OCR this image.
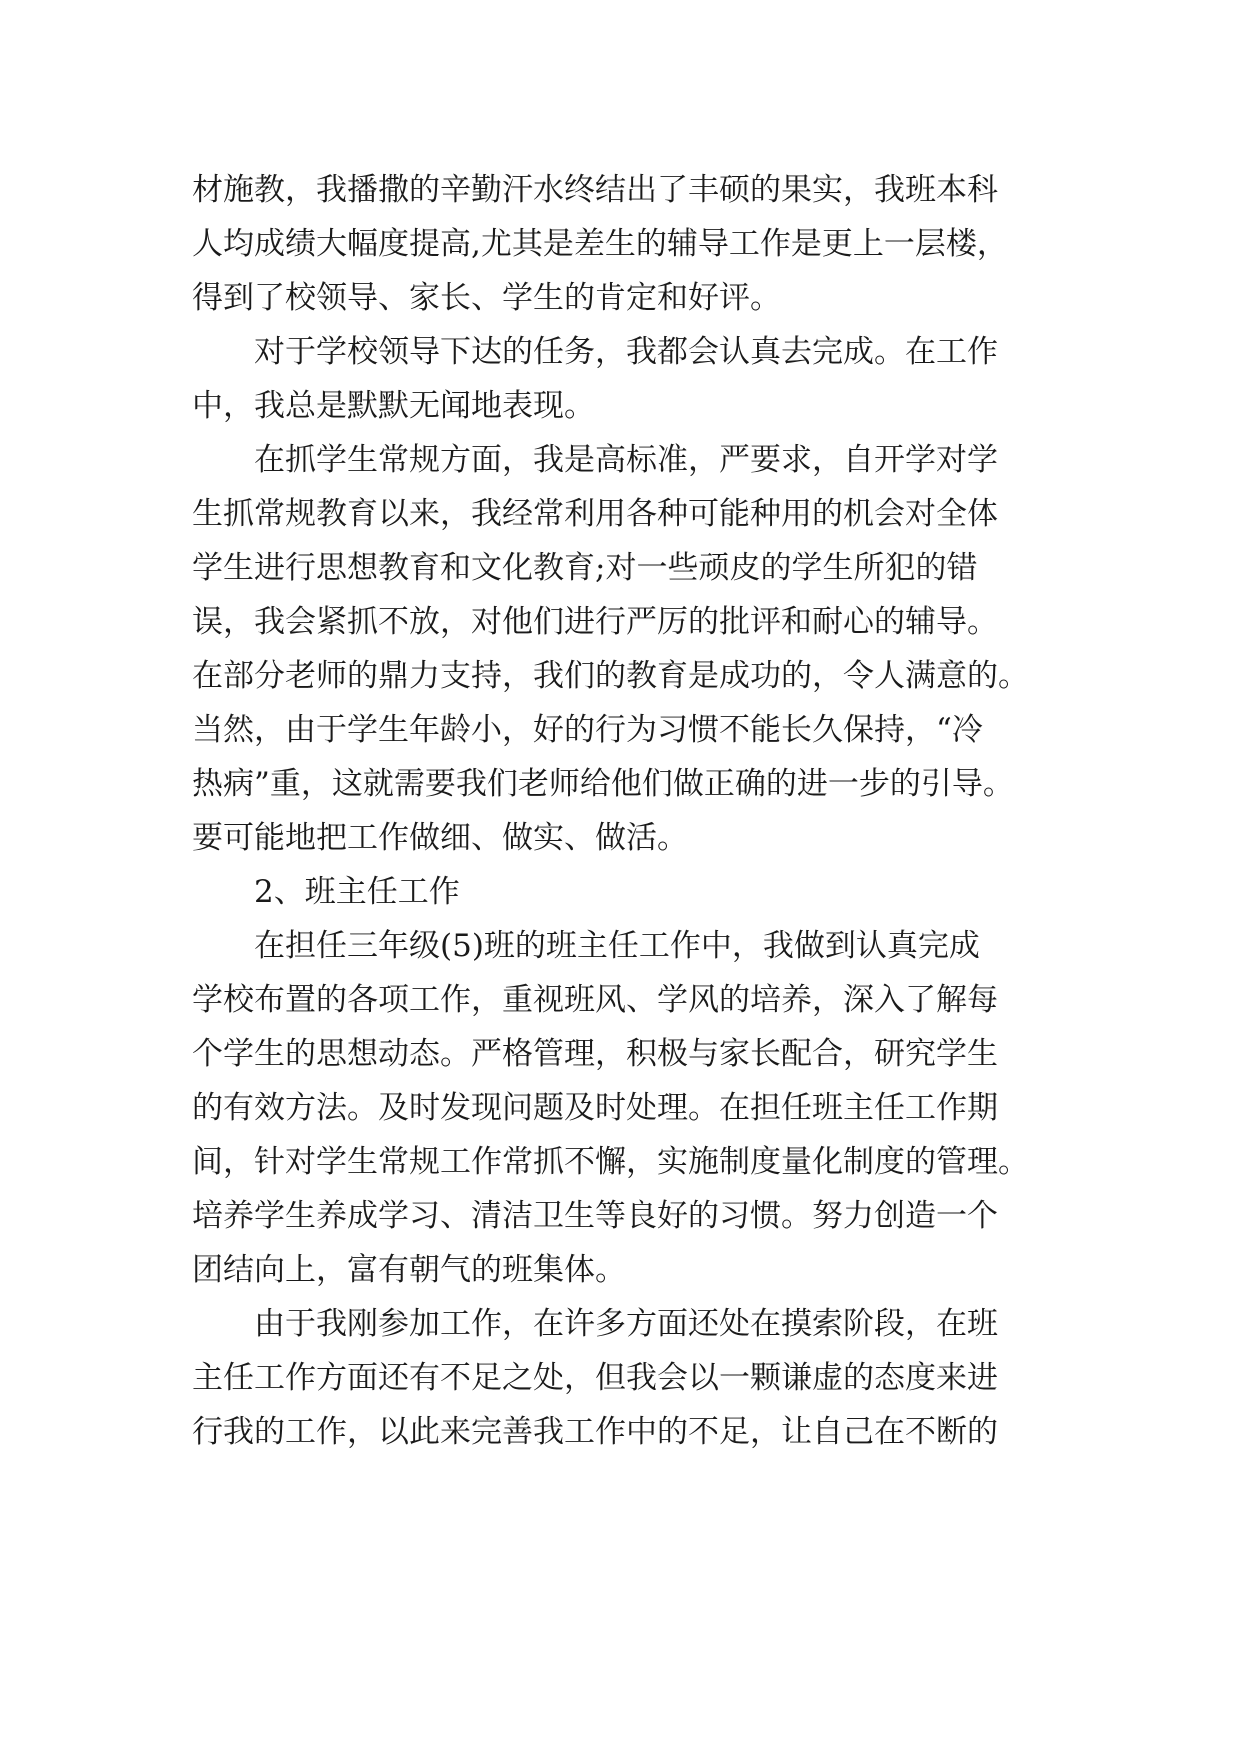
材施教，我播撒的辛勤汗水终结出了丰硕的果实，我班本科
人均成绩大幅度提高,尤其是差生的辅导工作是更上一层楼，
得到了校领导、家长、学生的肯定和好评。
对于学校领导下达的任务，我都会认真去完成。在工作
中，我总是默默无闻地表现。
在抓学生常规方面，我是高标准，严要求，自开学对学
生抓常规教育以来，我经常利用各种可能种用的机会对全体
学生进行思想教育和文化教育;对一些顽皮的学生所犯的错
误，我会紧抓不放，对他们进行严厉的批评和耐心的辅导。
在部分老师的鼎力支持，我们的教育是成功的，令人满意的。
当然，由于学生年龄小，好的行为习惯不能长久保持，“冷
热病”重，这就需要我们老师给他们做正确的进一步的引导。
要可能地把工作做细、做实、做活。
2、班主任工作
在担任三年级(5)班的班主任工作中，我做到认真完成
学校布置的各项工作，重视班风、学风的培养，深入了解每
个学生的思想动态。严格管理，积极与家长配合，研究学生
的有效方法。及时发现问题及时处理。在担任班主任工作期
间，针对学生常规工作常抓不懈，实施制度量化制度的管理。
培养学生养成学习、清洁卫生等良好的习惯。努力创造一个
团结向上，富有朝气的班集体。
由于我刚参加工作，在许多方面还处在摸索阶段，在班
主任工作方面还有不足之处，但我会以一颗谦虚的态度来进
行我的工作，以此来完善我工作中的不足，让自己在不断的
